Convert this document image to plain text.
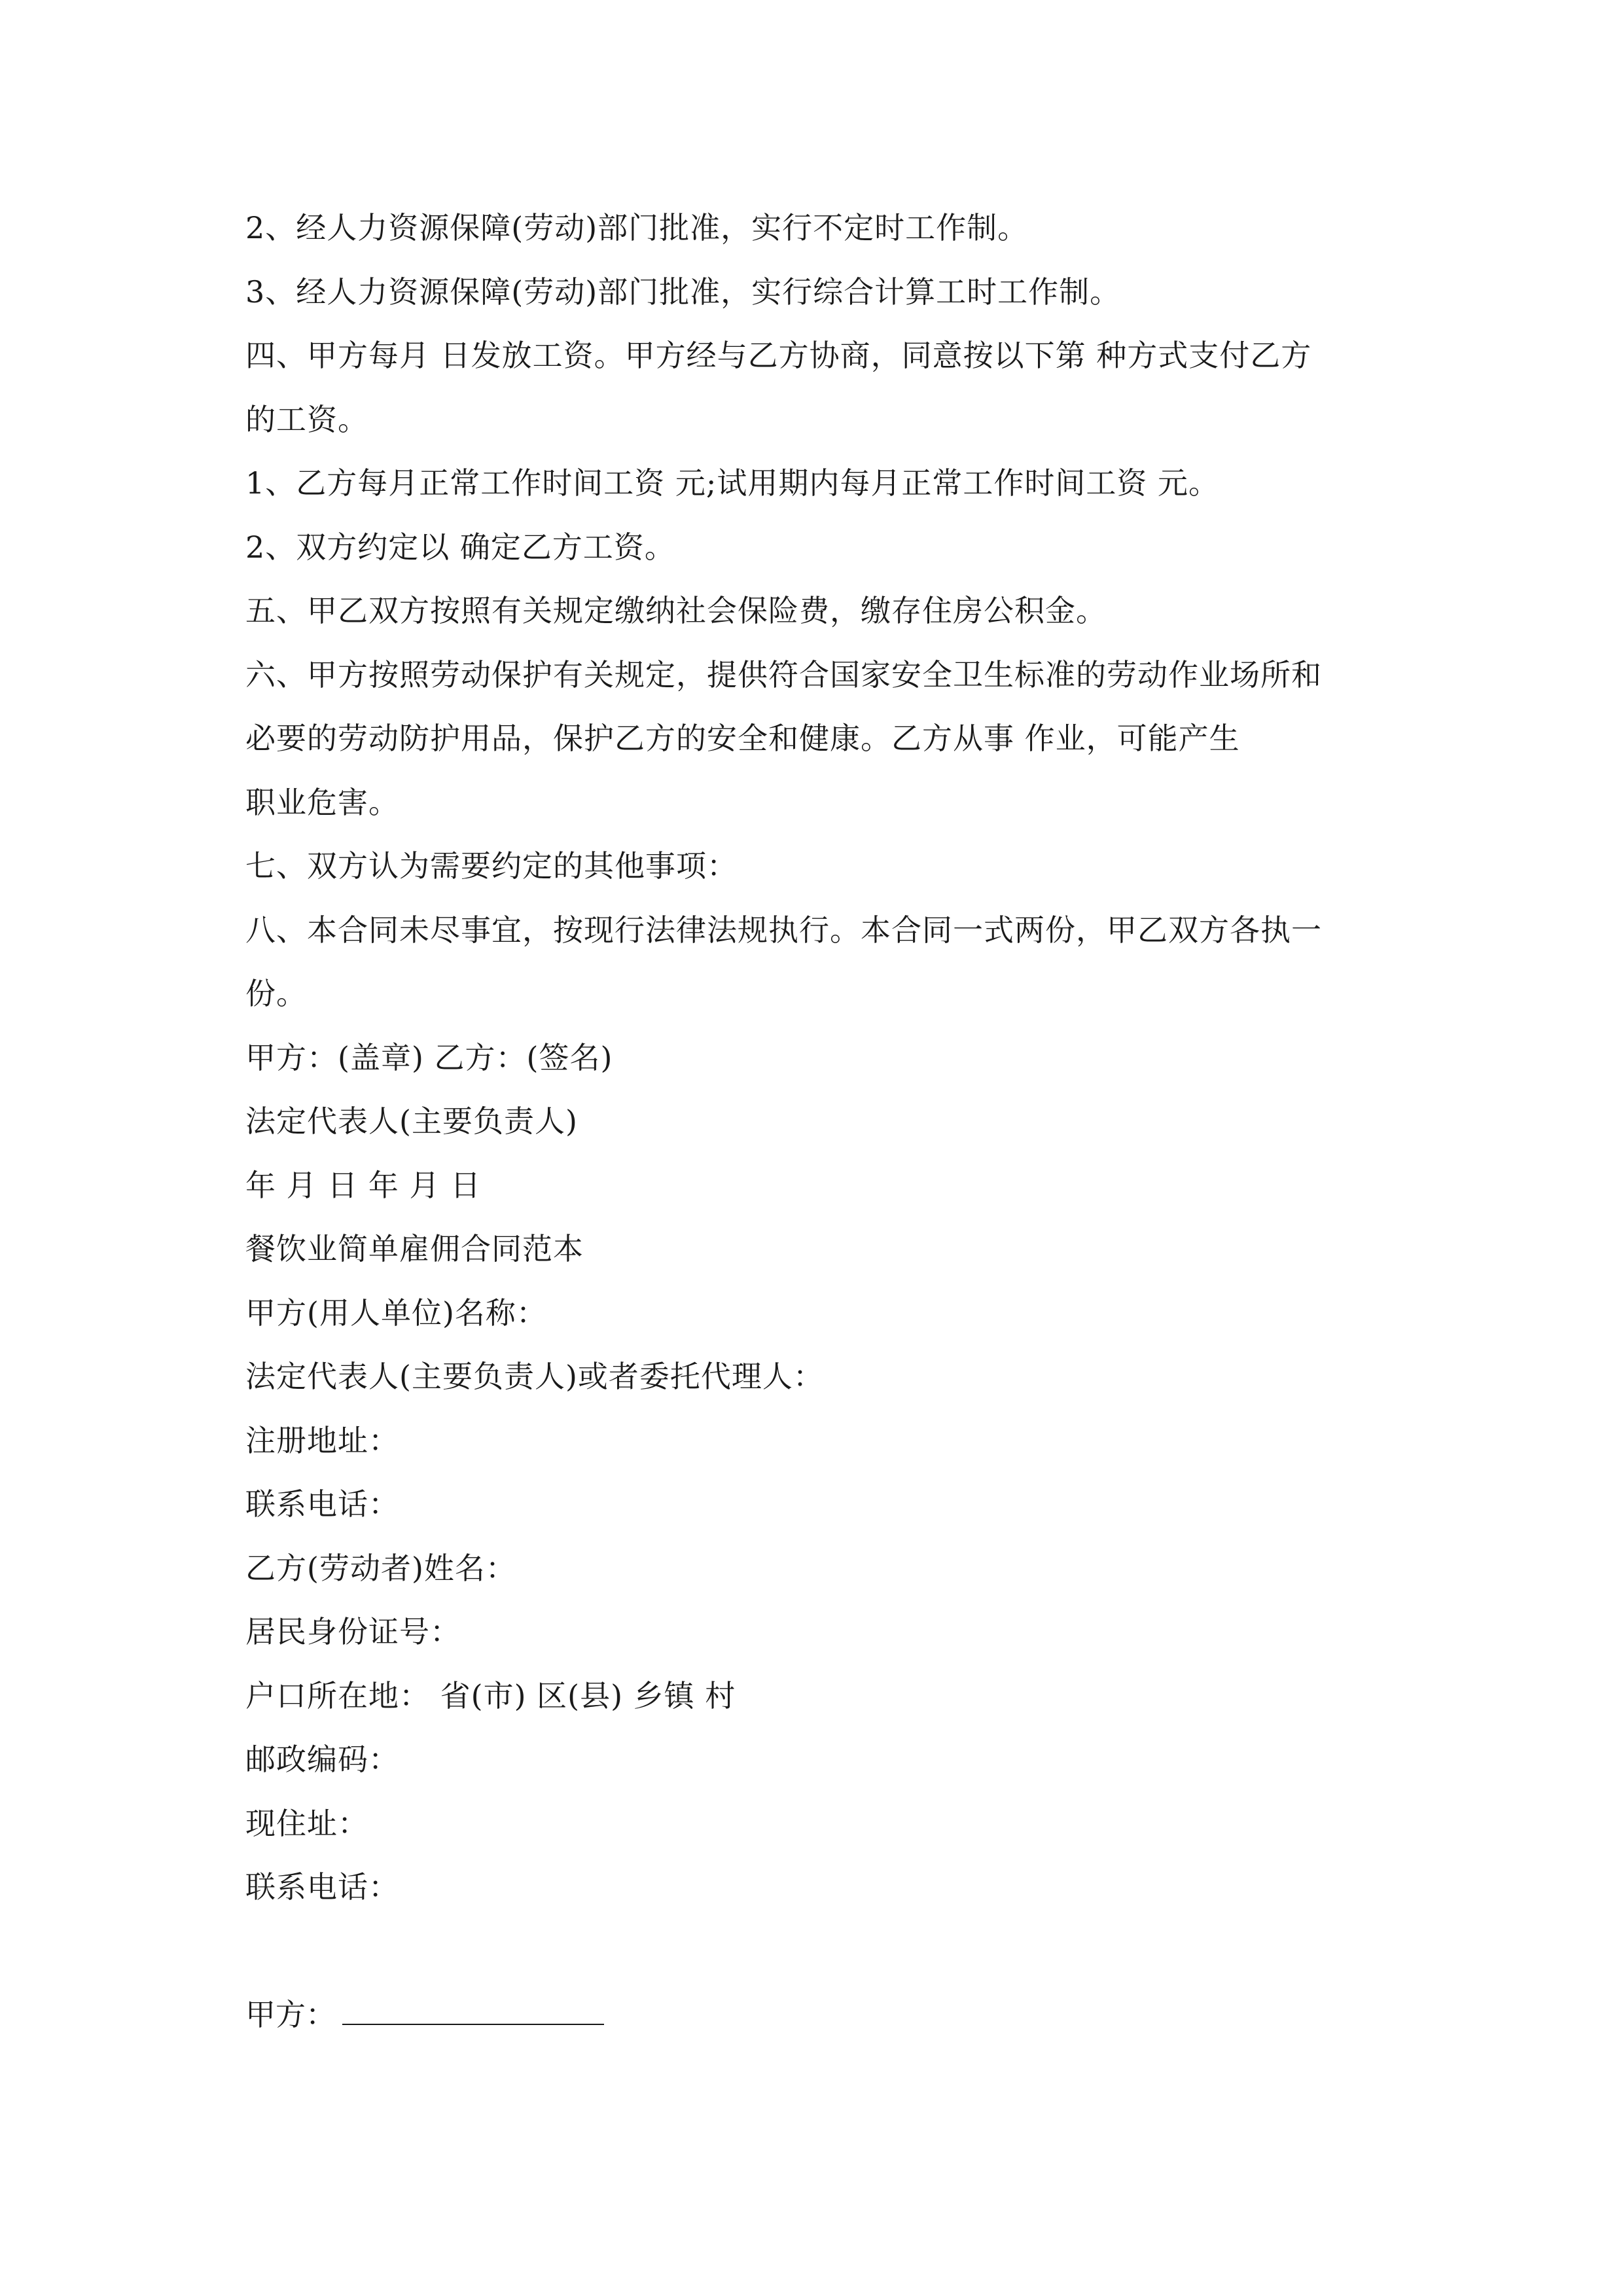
2、经人力资源保障(劳动)部门批准，实行不定时工作制。
3、经人力资源保障(劳动)部门批准，实行综合计算工时工作制。
四、甲方每月 日发放工资。甲方经与乙方协商，同意按以下第 种方式支付乙方
的工资。
1、乙方每月正常工作时间工资 元;试用期内每月正常工作时间工资 元。
2、双方约定以 确定乙方工资。
五、甲乙双方按照有关规定缴纳社会保险费，缴存住房公积金。
六、甲方按照劳动保护有关规定，提供符合国家安全卫生标准的劳动作业场所和
必要的劳动防护用品，保护乙方的安全和健康。乙方从事 作业，可能产生
职业危害。
七、双方认为需要约定的其他事项：
八、本合同未尽事宜，按现行法律法规执行。本合同一式两份，甲乙双方各执一
份。
甲方：(盖章) 乙方：(签名)
法定代表人(主要负责人)
年 月 日 年 月 日
餐饮业简单雇佣合同范本
甲方(用人单位)名称：
法定代表人(主要负责人)或者委托代理人：
注册地址：
联系电话：
乙方(劳动者)姓名：
居民身份证号：
户口所在地： 省(市) 区(县) 乡镇 村
邮政编码：
现住址：
联系电话：
甲方：
